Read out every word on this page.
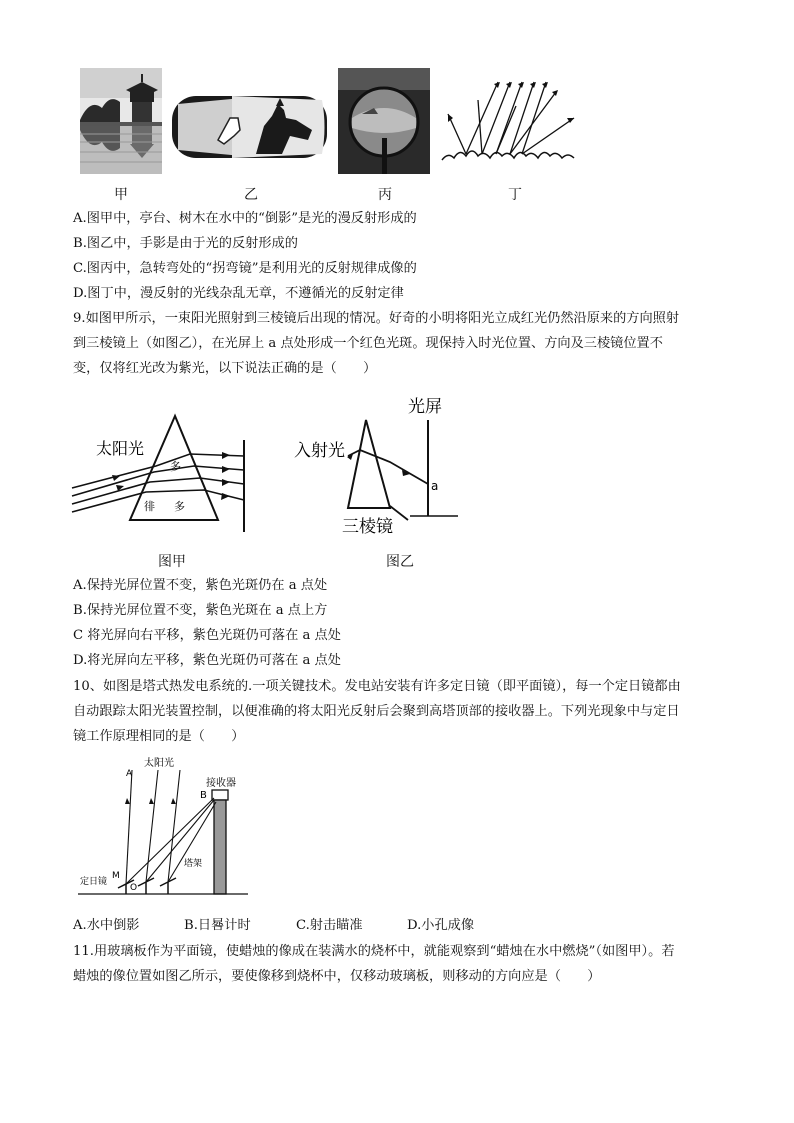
甲	乙	丙	丁
A.图甲中，亭台、树木在水中的“倒影”是光的漫反射形成的
B.图乙中，手影是由于光的反射形成的
C.图丙中，急转弯处的“拐弯镜”是利用光的反射规律成像的
D.图丁中，漫反射的光线杂乱无章，不遵循光的反射定律
9.如图甲所示，一束阳光照射到三棱镜后出现的情况。好奇的小明将阳光立成红光仍然沿原来的方向照射
到三棱镜上（如图乙），在光屏上 a 点处形成一个红色光斑。现保持入时光位置、方向及三棱镜位置不
变，仅将红光改为紫光，以下说法正确的是（　　）
太阳光
多
徘 多
光屏
入射光
三棱镜
a
图甲	图乙
A.保持光屏位置不变，紫色光斑仍在 a 点处
B.保持光屏位置不变，紫色光斑在 a 点上方
C 将光屏向右平移，紫色光斑仍可落在 a 点处
D.将光屏向左平移，紫色光斑仍可落在 a 点处
10、如图是塔式热发电系统的.一项关键技术。发电站安装有许多定日镜（即平面镜），每一个定日镜都由
自动跟踪太阳光装置控制，以便准确的将太阳光反射后会聚到高塔顶部的接收器上。下列光现象中与定日
镜工作原理相同的是（　　）
太阳光
接收器
塔架
定日镜
A
B
M
O
A.水中倒影	B.日晷计时	C.射击瞄准	D.小孔成像
11.用玻璃板作为平面镜，使蜡烛的像成在装满水的烧杯中，就能观察到“蜡烛在水中燃烧”（如图甲）。若
蜡烛的像位置如图乙所示，要使像移到烧杯中，仅移动玻璃板，则移动的方向应是（　　）
